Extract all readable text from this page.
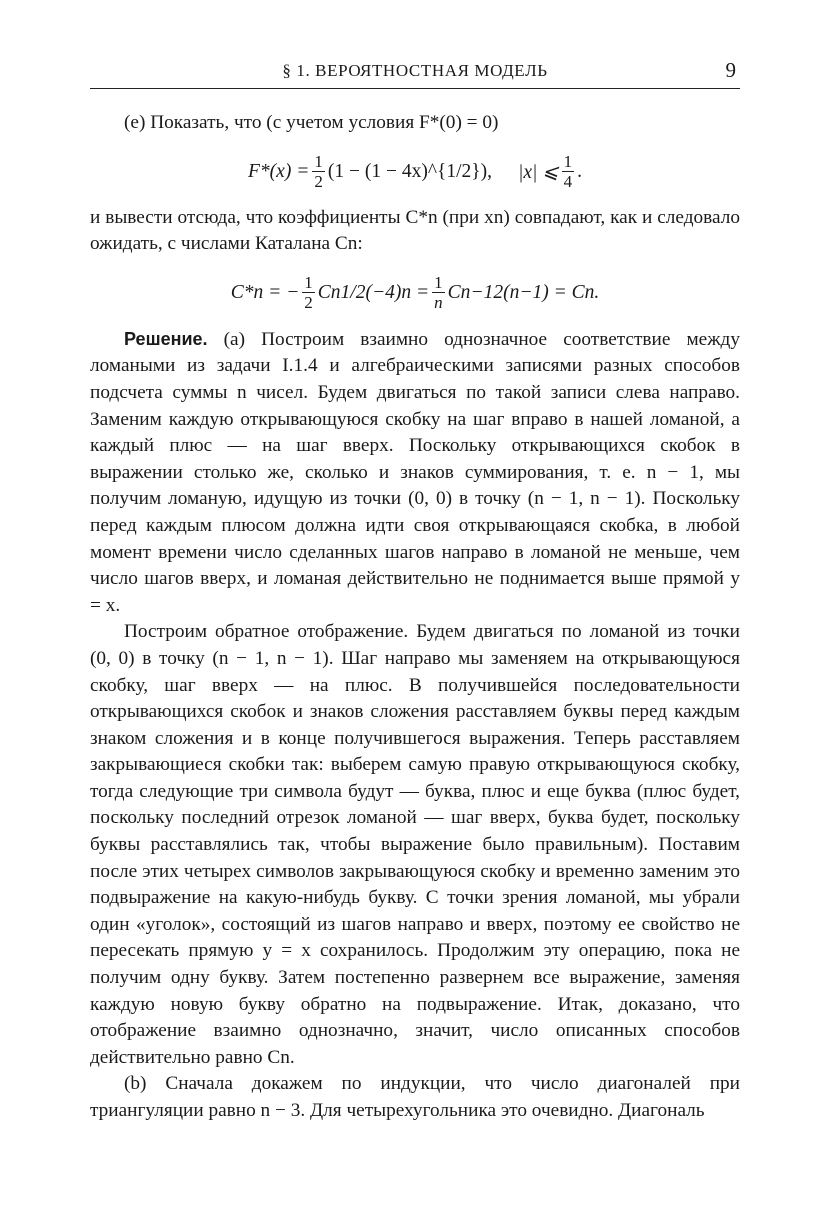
§ 1. ВЕРОЯТНОСТНАЯ МОДЕЛЬ	9

(e) Показать, что (с учетом условия F*(0) = 0)

$F*(x) = \frac{1}{2} (1 - (1$ − 4x)^{1/2}), |x| ⩽ $\frac{1}{4}$ .

и вывести отсюда, что коэффициенты C*n (при xn) совпадают, как и следовало ожидать, с числами Каталана Cn:

C*n = − $\frac{1}{2} Cn1/2(-4)n = \frac{1}{n} Cn-12(n-1) = Cn$.

Решение. (a) Построим взаимно однозначное соответствие между ломаными из задачи I.1.4 и алгебраическими записями разных способов подсчета суммы n чисел. Будем двигаться по такой записи слева направо. Заменим каждую открывающуюся скобку на шаг вправо в нашей ломаной, а каждый плюс — на шаг вверх. Поскольку открывающихся скобок в выражении столько же, сколько и знаков суммирования, т. е. n − 1, мы получим ломаную, идущую из точки (0, 0) в точку (n − 1, n − 1). Поскольку перед каждым плюсом должна идти своя открывающаяся скобка, в любой момент времени число сделанных шагов направо в ломаной не меньше, чем число шагов вверх, и ломаная действительно не поднимается выше прямой y = x.

Построим обратное отображение. Будем двигаться по ломаной из точки (0, 0) в точку (n − 1, n − 1). Шаг направо мы заменяем на открывающуюся скобку, шаг вверх — на плюс. В получившейся последовательности открывающихся скобок и знаков сложения расставляем буквы перед каждым знаком сложения и в конце получившегося выражения. Теперь расставляем закрывающиеся скобки так: выберем самую правую открывающуюся скобку, тогда следующие три символа будут — буква, плюс и еще буква (плюс будет, поскольку последний отрезок ломаной — шаг вверх, буква будет, поскольку буквы расставлялись так, чтобы выражение было правильным). Поставим после этих четырех символов закрывающуюся скобку и временно заменим это подвыражение на какую-нибудь букву. С точки зрения ломаной, мы убрали один «уголок», состоящий из шагов направо и вверх, поэтому ее свойство не пересекать прямую y = x сохранилось. Продолжим эту операцию, пока не получим одну букву. Затем постепенно развернем все выражение, заменяя каждую новую букву обратно на подвыражение. Итак, доказано, что отображение взаимно однозначно, значит, число описанных способов действительно равно Cn.

(b) Сначала докажем по индукции, что число диагоналей при триангуляции равно n − 3. Для четырехугольника это очевидно. Диагональ
